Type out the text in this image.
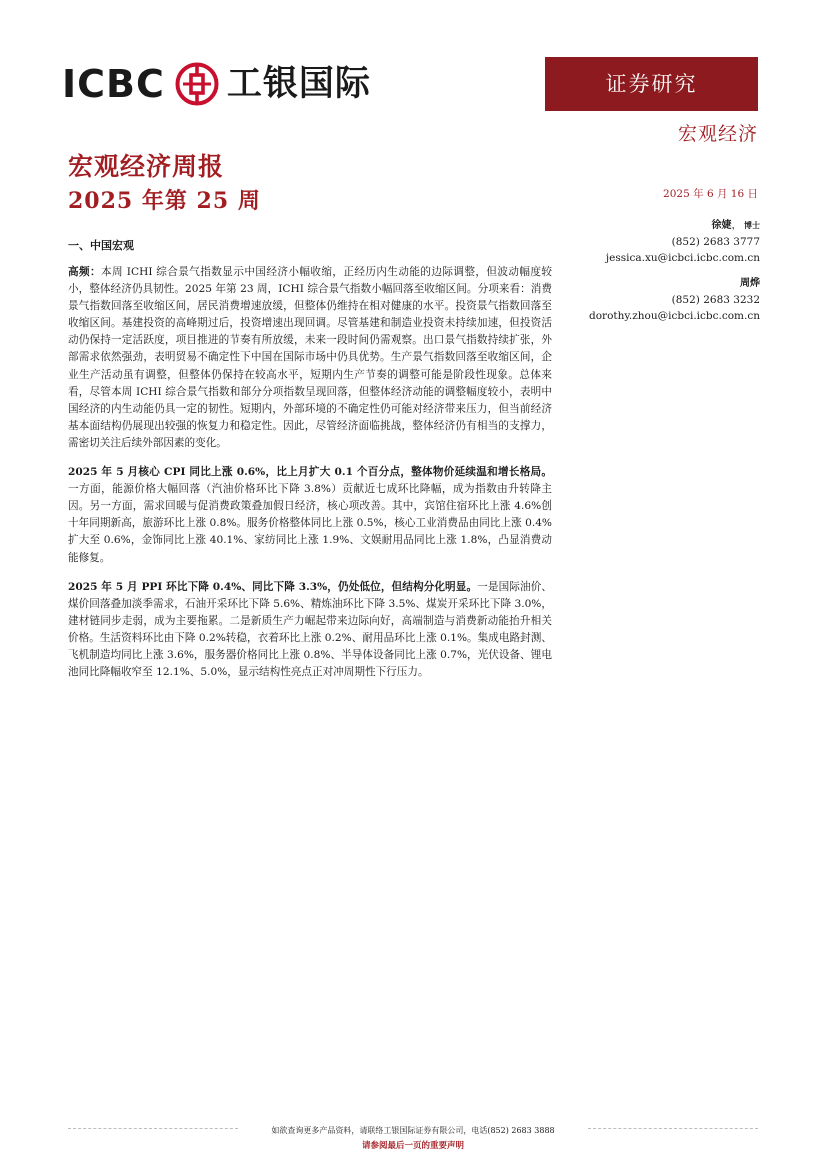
ICBC 工银国际	证券研究
宏观经济
宏观经济周报
2025 年第 25 周	2025 年 6 月 16 日
徐婕， 博士
(852) 2683 3777
jessica.xu@icbci.icbc.com.cn
周烨
(852) 2683 3232
dorothy.zhou@icbci.icbc.com.cn
一、中国宏观

高频：本周 ICHI 综合景气指数显示中国经济小幅收缩，正经历内生动能的边际调整，但波动幅度较小，整体经济仍具韧性。2025 年第 23 周，ICHI 综合景气指数小幅回落至收缩区间。分项来看：消费景气指数回落至收缩区间，居民消费增速放缓，但整体仍维持在相对健康的水平。投资景气指数回落至收缩区间。基建投资的高峰期过后，投资增速出现回调。尽管基建和制造业投资未持续加速，但投资活动仍保持一定活跃度，项目推进的节奏有所放缓，未来一段时间仍需观察。出口景气指数持续扩张，外部需求依然强劲，表明贸易不确定性下中国在国际市场中仍具优势。生产景气指数回落至收缩区间，企业生产活动虽有调整，但整体仍保持在较高水平，短期内生产节奏的调整可能是阶段性现象。总体来看，尽管本周 ICHI 综合景气指数和部分分项指数呈现回落，但整体经济动能的调整幅度较小，表明中国经济的内生动能仍具一定的韧性。短期内，外部环境的不确定性仍可能对经济带来压力，但当前经济基本面结构仍展现出较强的恢复力和稳定性。因此，尽管经济面临挑战，整体经济仍有相当的支撑力，需密切关注后续外部因素的变化。

2025 年 5 月核心 CPI 同比上涨 0.6%，比上月扩大 0.1 个百分点，整体物价延续温和增长格局。一方面，能源价格大幅回落（汽油价格环比下降 3.8%）贡献近七成环比降幅，成为指数由升转降主因。另一方面，需求回暖与促消费政策叠加假日经济，核心项改善。其中，宾馆住宿环比上涨 4.6%创十年同期新高，旅游环比上涨 0.8%。服务价格整体同比上涨 0.5%，核心工业消费品由同比上涨 0.4%扩大至 0.6%，金饰同比上涨 40.1%、家纺同比上涨 1.9%、文娱耐用品同比上涨 1.8%，凸显消费动能修复。

2025 年 5 月 PPI 环比下降 0.4%、同比下降 3.3%，仍处低位，但结构分化明显。一是国际油价、煤价回落叠加淡季需求，石油开采环比下降 5.6%、精炼油环比下降 3.5%、煤炭开采环比下降 3.0%，建材链同步走弱，成为主要拖累。二是新质生产力崛起带来边际向好，高端制造与消费新动能抬升相关价格。生活资料环比由下降 0.2%转稳，衣着环比上涨 0.2%、耐用品环比上涨 0.1%。集成电路封测、飞机制造均同比上涨 3.6%，服务器价格同比上涨 0.8%、半导体设备同比上涨 0.7%，光伏设备、锂电池同比降幅收窄至 12.1%、5.0%，显示结构性亮点正对冲周期性下行压力。

如欲查询更多产品资料，请联络工银国际证券有限公司，电话(852) 2683 3888
请参阅最后一页的重要声明
